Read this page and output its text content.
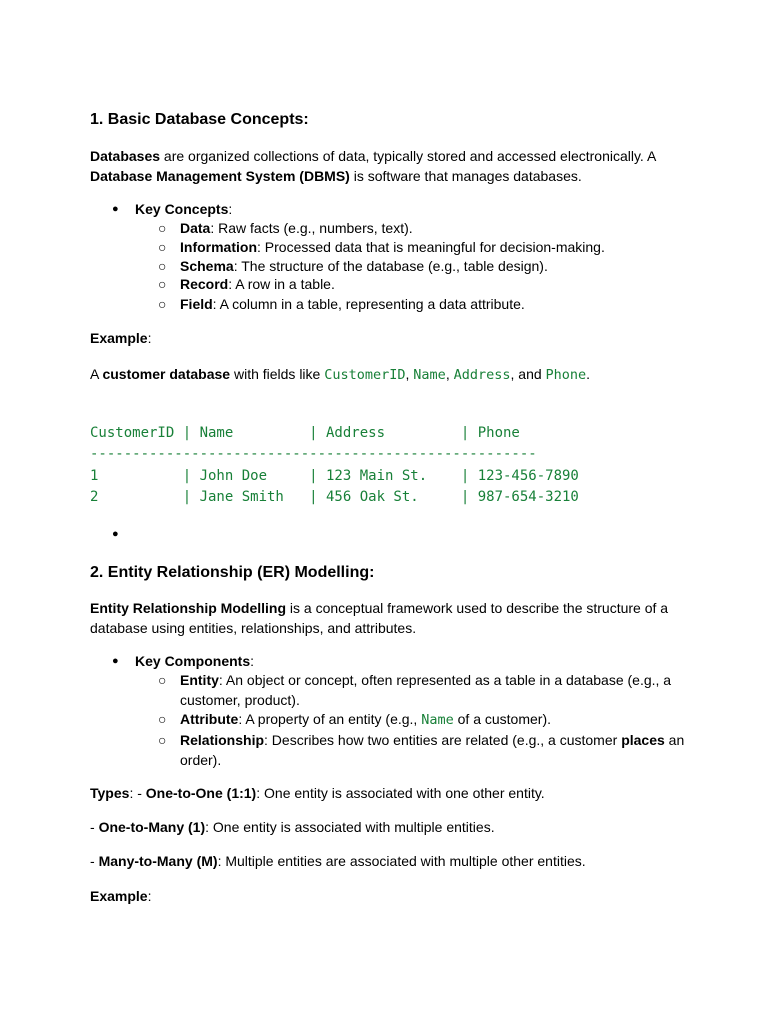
1. Basic Database Concepts:
Databases are organized collections of data, typically stored and accessed electronically. A
Database Management System (DBMS) is software that manages databases.
● Key Concepts:
○ Data: Raw facts (e.g., numbers, text).
○ Information: Processed data that is meaningful for decision-making.
○ Schema: The structure of the database (e.g., table design).
○ Record: A row in a table.
○ Field: A column in a table, representing a data attribute.
Example:
A customer database with fields like CustomerID, Name, Address, and Phone.
CustomerID | Name         | Address         | Phone
-----------------------------------------------------
1          | John Doe     | 123 Main St.    | 123-456-7890
2          | Jane Smith   | 456 Oak St.     | 987-654-3210
●
2. Entity Relationship (ER) Modelling:
Entity Relationship Modelling is a conceptual framework used to describe the structure of a
database using entities, relationships, and attributes.
● Key Components:
○ Entity: An object or concept, often represented as a table in a database (e.g., a
customer, product).
○ Attribute: A property of an entity (e.g., Name of a customer).
○ Relationship: Describes how two entities are related (e.g., a customer places an
order).
Types: - One-to-One (1:1): One entity is associated with one other entity.
- One-to-Many (1): One entity is associated with multiple entities.
- Many-to-Many (M): Multiple entities are associated with multiple other entities.
Example:
